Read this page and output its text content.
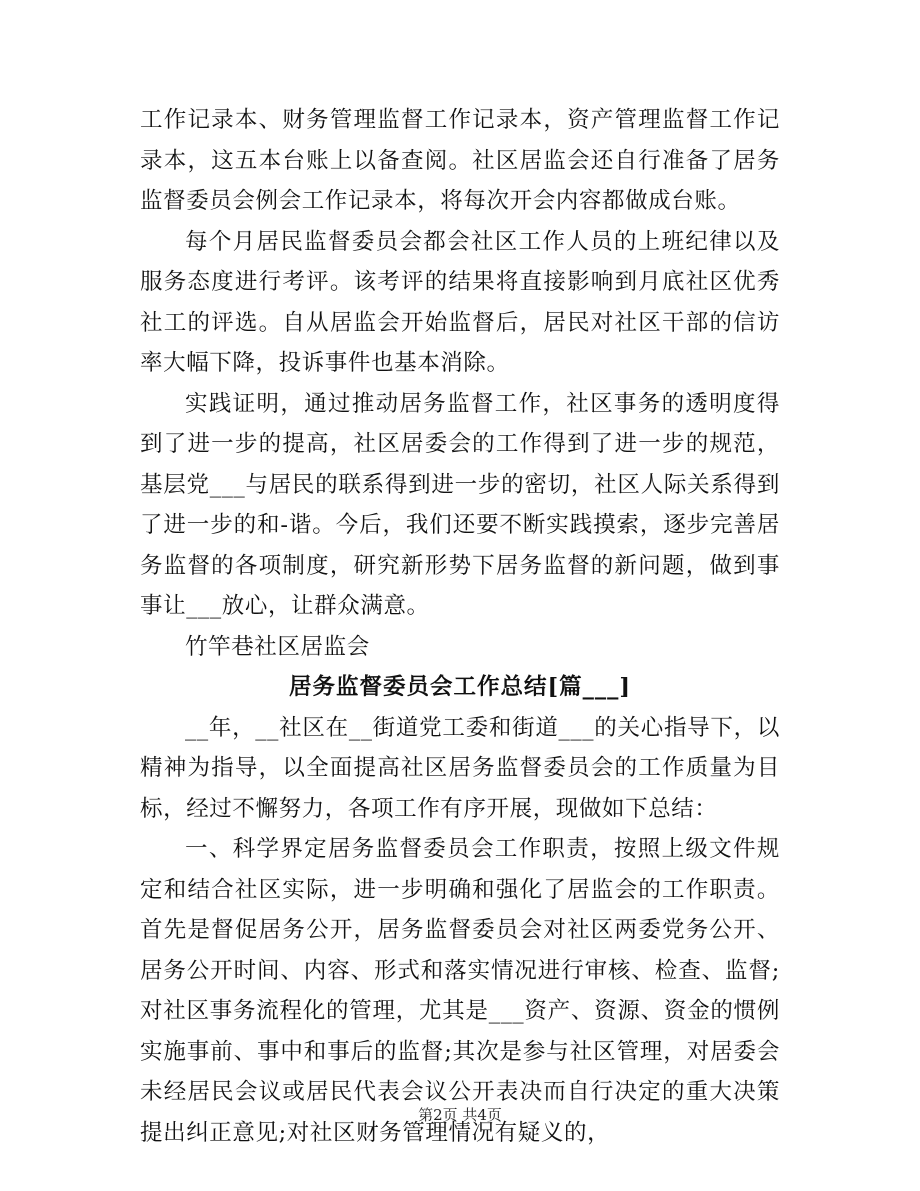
工作记录本、财务管理监督工作记录本，资产管理监督工作记录本，这五本台账上以备查阅。社区居监会还自行准备了居务监督委员会例会工作记录本，将每次开会内容都做成台账。

每个月居民监督委员会都会社区工作人员的上班纪律以及服务态度进行考评。该考评的结果将直接影响到月底社区优秀社工的评选。自从居监会开始监督后，居民对社区干部的信访率大幅下降，投诉事件也基本消除。

实践证明，通过推动居务监督工作，社区事务的透明度得到了进一步的提高，社区居委会的工作得到了进一步的规范，基层党___与居民的联系得到进一步的密切，社区人际关系得到了进一步的和-谐。今后，我们还要不断实践摸索，逐步完善居务监督的各项制度，研究新形势下居务监督的新问题，做到事事让___放心，让群众满意。

竹竿巷社区居监会

居务监督委员会工作总结[篇___]

__年，__社区在__街道党工委和街道___的关心指导下，以精神为指导，以全面提高社区居务监督委员会的工作质量为目标，经过不懈努力，各项工作有序开展，现做如下总结：

一、科学界定居务监督委员会工作职责，按照上级文件规定和结合社区实际，进一步明确和强化了居监会的工作职责。首先是督促居务公开，居务监督委员会对社区两委党务公开、居务公开时间、内容、形式和落实情况进行审核、检查、监督;对社区事务流程化的管理，尤其是___资产、资源、资金的惯例实施事前、事中和事后的监督;其次是参与社区管理，对居委会未经居民会议或居民代表会议公开表决而自行决定的重大决策提出纠正意见;对社区财务管理情况有疑义的，

第2页 共4页
